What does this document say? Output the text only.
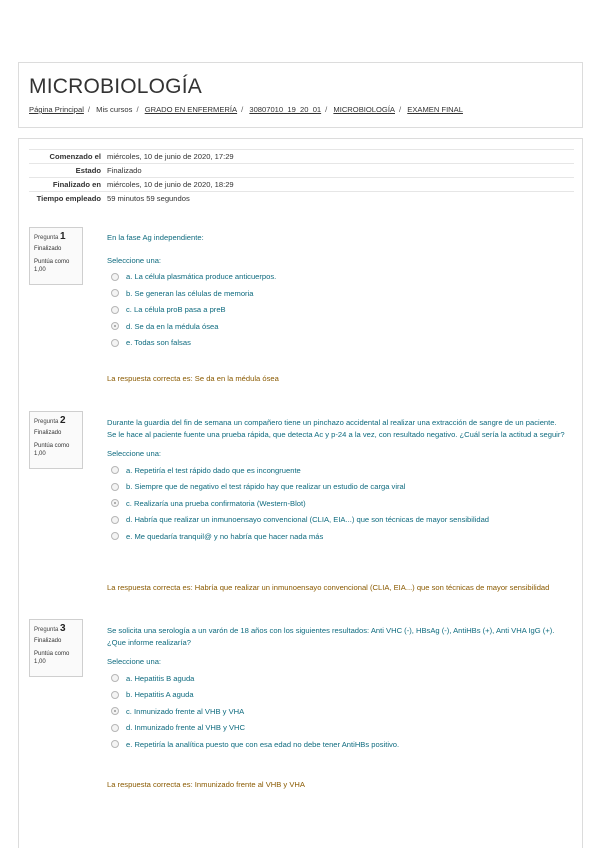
MICROBIOLOGÍA
Página Principal / Mis cursos / GRADO EN ENFERMERÍA / 30807010_19_20_01 / MICROBIOLOGÍA / EXAMEN FINAL
Comenzado el miércoles, 10 de junio de 2020, 17:29
Estado Finalizado
Finalizado en miércoles, 10 de junio de 2020, 18:29
Tiempo empleado 59 minutos 59 segundos
Pregunta 1
Finalizado
Puntúa como 1,00
En la fase Ag independiente:
Seleccione una:
a. La célula plasmática produce anticuerpos.
b. Se generan las células de memoria
c. La célula proB pasa a preB
d. Se da en la médula ósea
e. Todas son falsas
La respuesta correcta es: Se da en la médula ósea
Pregunta 2
Finalizado
Puntúa como 1,00
Durante la guardia del fin de semana un compañero tiene un pinchazo accidental al realizar una extracción de sangre de un paciente. Se le hace al paciente fuente una prueba rápida, que detecta Ac y p-24 a la vez, con resultado negativo. ¿Cuál sería la actitud a seguir?
Seleccione una:
a. Repetiría el test rápido dado que es incongruente
b. Siempre que de negativo el test rápido hay que realizar un estudio de carga viral
c. Realizaría una prueba confirmatoria (Western-Blot)
d. Habría que realizar un inmunoensayo convencional (CLIA, EIA...) que son técnicas de mayor sensibilidad
e. Me quedaría tranquil@ y no habría que hacer nada más
La respuesta correcta es: Habría que realizar un inmunoensayo convencional (CLIA, EIA...) que son técnicas de mayor sensibilidad
Pregunta 3
Finalizado
Puntúa como 1,00
Se solicita una serología a un varón de 18 años con los siguientes resultados: Anti VHC (-), HBsAg (-), AntiHBs (+), Anti VHA IgG (+). ¿Que informe realizaría?
Seleccione una:
a. Hepatitis B aguda
b. Hepatitis A aguda
c. Inmunizado frente al VHB y VHA
d. Inmunizado frente al VHB y VHC
e. Repetiría la analítica puesto que con esa edad no debe tener AntiHBs positivo.
La respuesta correcta es: Inmunizado frente al VHB y VHA
